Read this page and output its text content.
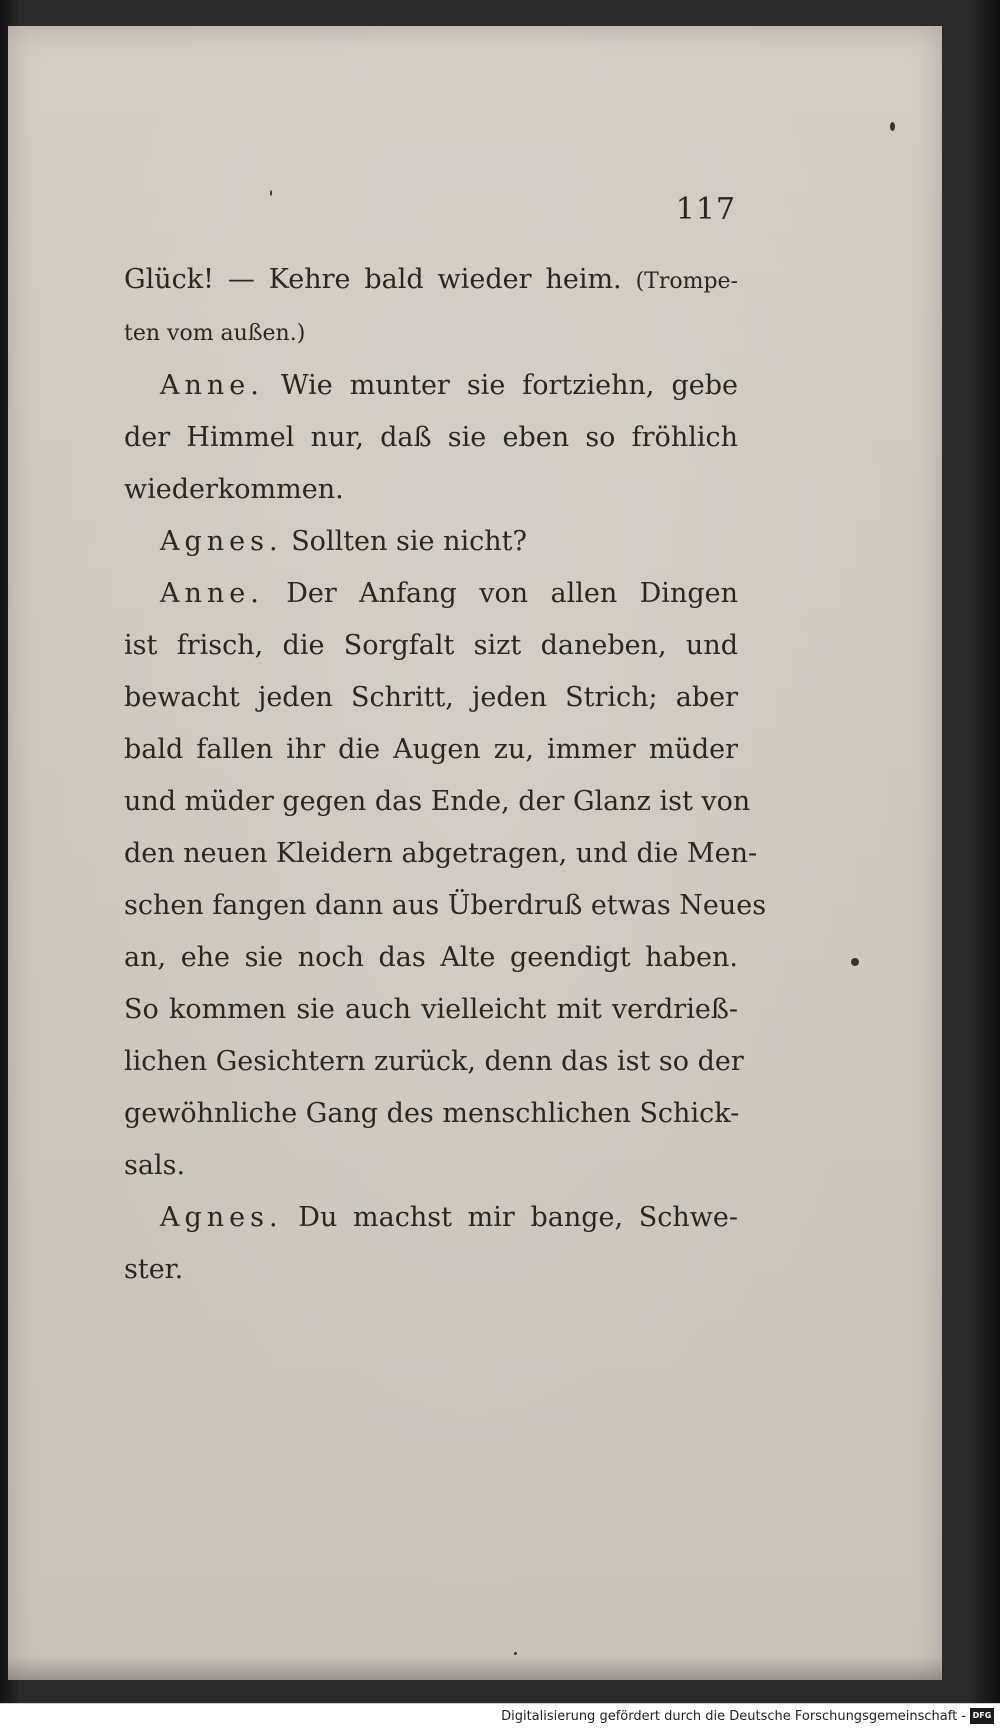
117
Glück! — Kehre bald wieder heim. (Trompe-
ten vom außen.)
Anne. Wie munter sie fortziehn, gebe
der Himmel nur, daß sie eben so fröhlich
wiederkommen.
Agnes. Sollten sie nicht?
Anne. Der Anfang von allen Dingen
ist frisch, die Sorgfalt sizt daneben, und
bewacht jeden Schritt, jeden Strich; aber
bald fallen ihr die Augen zu, immer müder
und müder gegen das Ende, der Glanz ist von
den neuen Kleidern abgetragen, und die Men-
schen fangen dann aus Überdruß etwas Neues
an, ehe sie noch das Alte geendigt haben.
So kommen sie auch vielleicht mit verdrieß-
lichen Gesichtern zurück, denn das ist so der
gewöhnliche Gang des menschlichen Schick-
sals.
Agnes. Du machst mir bange, Schwe-
ster.
Digitalisierung gefördert durch die Deutsche Forschungsgemeinschaft - DFG
